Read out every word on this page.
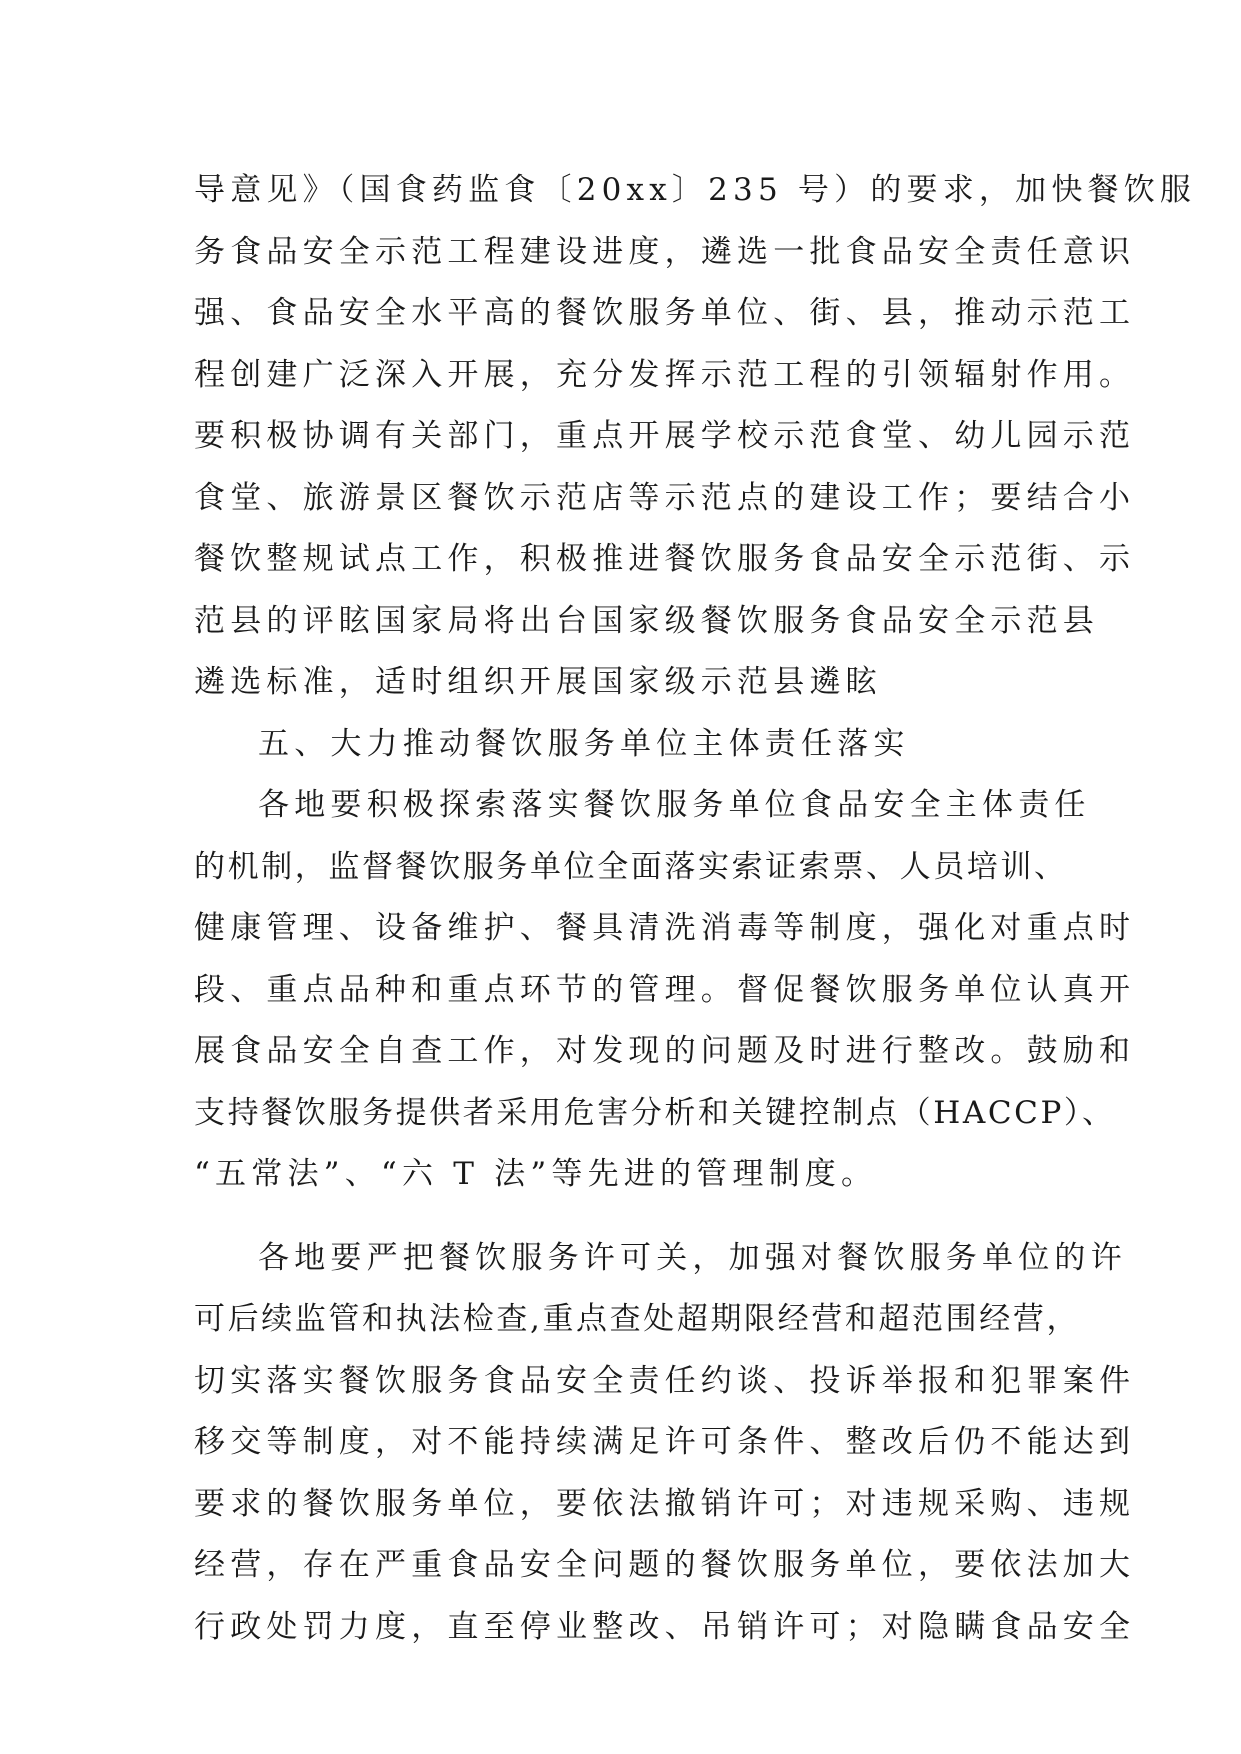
导意见》（国食药监食〔20xx〕235 号）的要求，加快餐饮服
务食品安全示范工程建设进度，遴选一批食品安全责任意识
强、食品安全水平高的餐饮服务单位、街、县，推动示范工
程创建广泛深入开展，充分发挥示范工程的引领辐射作用。
要积极协调有关部门，重点开展学校示范食堂、幼儿园示范
食堂、旅游景区餐饮示范店等示范点的建设工作；要结合小
餐饮整规试点工作，积极推进餐饮服务食品安全示范街、示
范县的评眩国家局将出台国家级餐饮服务食品安全示范县
遴选标准，适时组织开展国家级示范县遴眩
五、大力推动餐饮服务单位主体责任落实
各地要积极探索落实餐饮服务单位食品安全主体责任
的机制，监督餐饮服务单位全面落实索证索票、人员培训、
健康管理、设备维护、餐具清洗消毒等制度，强化对重点时
段、重点品种和重点环节的管理。督促餐饮服务单位认真开
展食品安全自查工作，对发现的问题及时进行整改。鼓励和
支持餐饮服务提供者采用危害分析和关键控制点（HACCP）、
“五常法”、“六 T 法”等先进的管理制度。
各地要严把餐饮服务许可关，加强对餐饮服务单位的许
可后续监管和执法检查,重点查处超期限经营和超范围经营，
切实落实餐饮服务食品安全责任约谈、投诉举报和犯罪案件
移交等制度，对不能持续满足许可条件、整改后仍不能达到
要求的餐饮服务单位，要依法撤销许可；对违规采购、违规
经营，存在严重食品安全问题的餐饮服务单位，要依法加大
行政处罚力度，直至停业整改、吊销许可；对隐瞒食品安全
